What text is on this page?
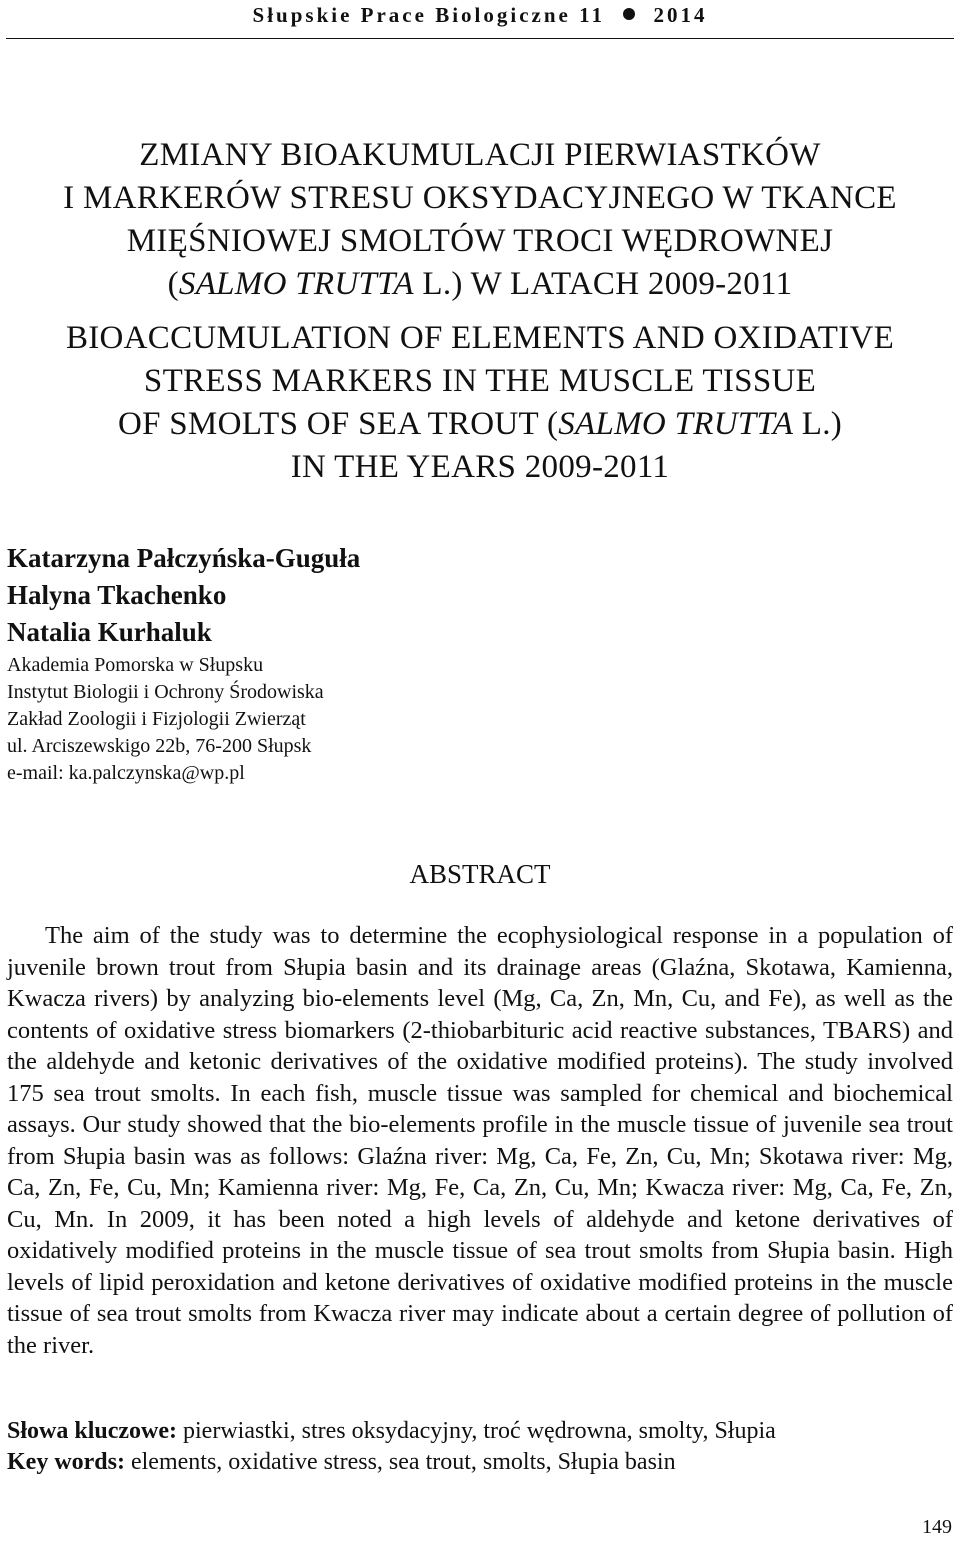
Słupskie Prace Biologiczne 11 2014
ZMIANY BIOAKUMULACJI PIERWIASTKÓW
I MARKERÓW STRESU OKSYDACYJNEGO W TKANCE
MIĘŚNIOWEJ SMOLTÓW TROCI WĘDROWNEJ
(SALMO TRUTTA L.) W LATACH 2009-2011
BIOACCUMULATION OF ELEMENTS AND OXIDATIVE
STRESS MARKERS IN THE MUSCLE TISSUE
OF SMOLTS OF SEA TROUT (SALMO TRUTTA L.)
IN THE YEARS 2009-2011
Katarzyna Pałczyńska-Guguła
Halyna Tkachenko
Natalia Kurhaluk
Akademia Pomorska w Słupsku
Instytut Biologii i Ochrony Środowiska
Zakład Zoologii i Fizjologii Zwierząt
ul. Arciszewskigo 22b, 76-200 Słupsk
e-mail: ka.palczynska@wp.pl
ABSTRACT

The aim of the study was to determine the ecophysiological response in a population of juvenile brown trout from Słupia basin and its drainage areas (Glaźna, Skotawa, Kamienna, Kwacza rivers) by analyzing bio-elements level (Mg, Ca, Zn, Mn, Cu, and Fe), as well as the contents of oxidative stress biomarkers (2-thiobarbituric acid reactive substances, TBARS) and the aldehyde and ketonic derivatives of the oxidative modified proteins). The study involved 175 sea trout smolts. In each fish, muscle tissue was sampled for chemical and biochemical assays. Our study showed that the bio-elements profile in the muscle tissue of juvenile sea trout from Słupia basin was as follows: Glaźna river: Mg, Ca, Fe, Zn, Cu, Mn; Skotawa river: Mg, Ca, Zn, Fe, Cu, Mn; Kamienna river: Mg, Fe, Ca, Zn, Cu, Mn; Kwacza river: Mg, Ca, Fe, Zn, Cu, Mn. In 2009, it has been noted a high levels of aldehyde and ketone derivatives of oxidatively modified proteins in the muscle tissue of sea trout smolts from Słupia basin. High levels of lipid peroxidation and ketone derivatives of oxidative modified proteins in the muscle tissue of sea trout smolts from Kwacza river may indicate about a certain degree of pollution of the river.

Słowa kluczowe: pierwiastki, stres oksydacyjny, troć wędrowna, smolty, Słupia
Key words: elements, oxidative stress, sea trout, smolts, Słupia basin
149
